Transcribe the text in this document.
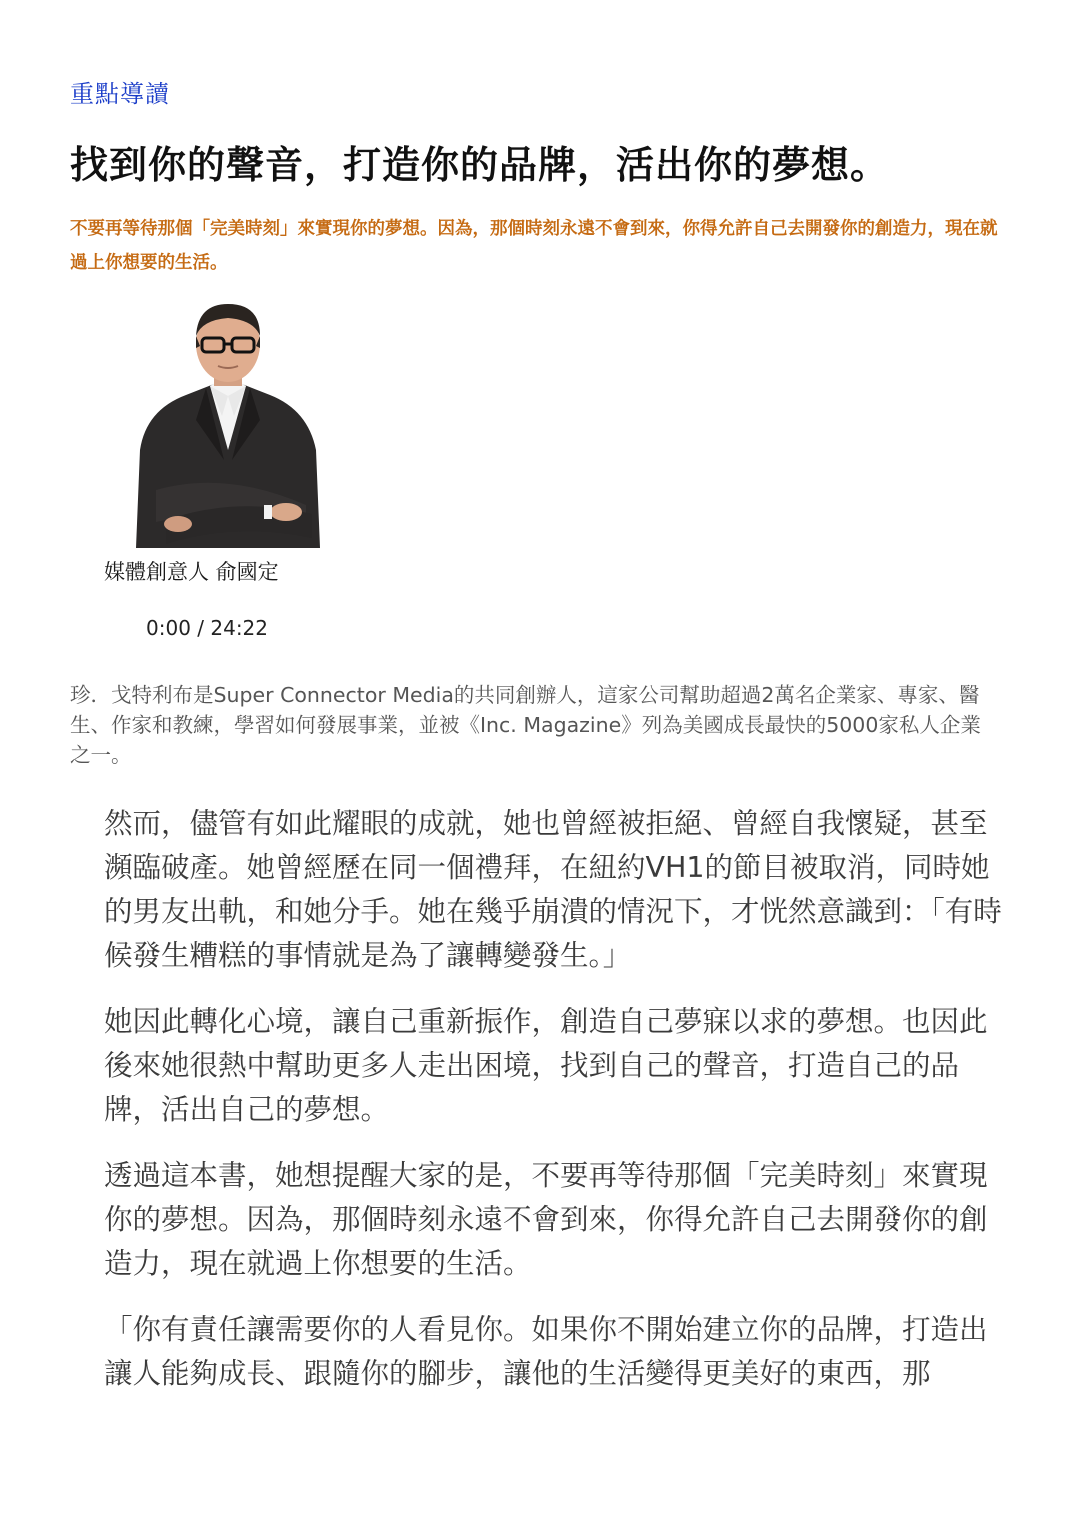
重點導讀
找到你的聲音，打造你的品牌，活出你的夢想。
不要再等待那個「完美時刻」來實現你的夢想。因為，那個時刻永遠不會到來，你得允許自己去開發你的創造力，現在就過上你想要的生活。
媒體創意人 俞國定
0:00 / 24:22
珍．戈特利布是Super Connector Media的共同創辦人，這家公司幫助超過2萬名企業家、專家、醫生、作家和教練，學習如何發展事業，並被《Inc. Magazine》列為美國成長最快的5000家私人企業之一。

然而，儘管有如此耀眼的成就，她也曾經被拒絕、曾經自我懷疑，甚至瀕臨破產。她曾經歷在同一個禮拜，在紐約VH1的節目被取消，同時她的男友出軌，和她分手。她在幾乎崩潰的情況下，才恍然意識到：「有時候發生糟糕的事情就是為了讓轉變發生。」

她因此轉化心境，讓自己重新振作，創造自己夢寐以求的夢想。也因此後來她很熱中幫助更多人走出困境，找到自己的聲音，打造自己的品牌，活出自己的夢想。

透過這本書，她想提醒大家的是，不要再等待那個「完美時刻」來實現你的夢想。因為，那個時刻永遠不會到來，你得允許自己去開發你的創造力，現在就過上你想要的生活。

「你有責任讓需要你的人看見你。如果你不開始建立你的品牌，打造出讓人能夠成長、跟隨你的腳步，讓他的生活變得更美好的東西，那
